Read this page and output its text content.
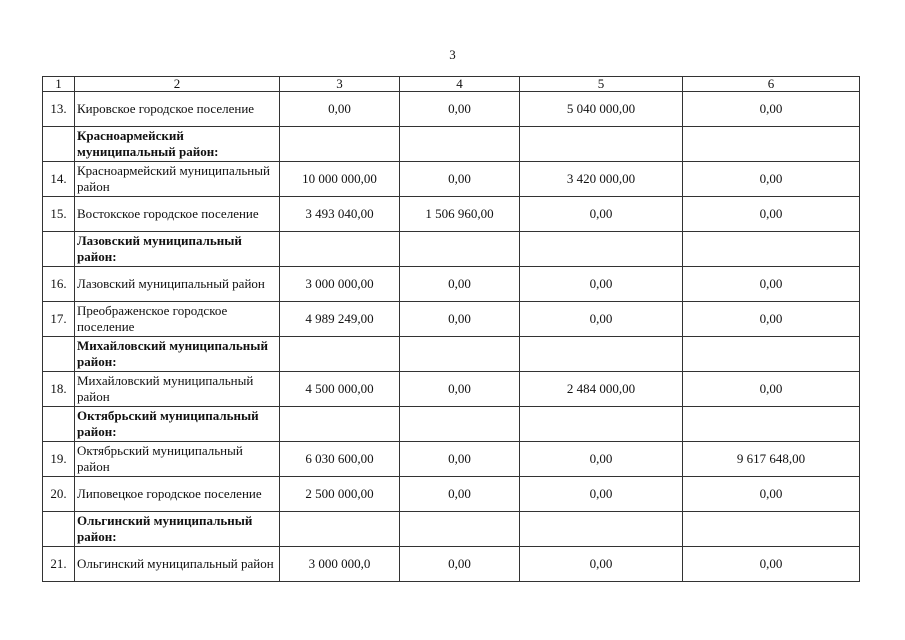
3
1	2	3	4	5	6
13.	Кировское городское поселение	0,00	0,00	5 040 000,00	0,00
	Красноармейский муниципальный район:				
14.	Красноармейский муниципальный район	10 000 000,00	0,00	3 420 000,00	0,00
15.	Востокское городское поселение	3 493 040,00	1 506 960,00	0,00	0,00
	Лазовский муниципальный район:				
16.	Лазовский муниципальный район	3 000 000,00	0,00	0,00	0,00
17.	Преображенское городское поселение	4 989 249,00	0,00	0,00	0,00
	Михайловский муниципальный район:				
18.	Михайловский муниципальный район	4 500 000,00	0,00	2 484 000,00	0,00
	Октябрьский муниципальный район:				
19.	Октябрьский муниципальный район	6 030 600,00	0,00	0,00	9 617 648,00
20.	Липовецкое городское поселение	2 500 000,00	0,00	0,00	0,00
	Ольгинский муниципальный район:				
21.	Ольгинский муниципальный район	3 000 000,0	0,00	0,00	0,00
